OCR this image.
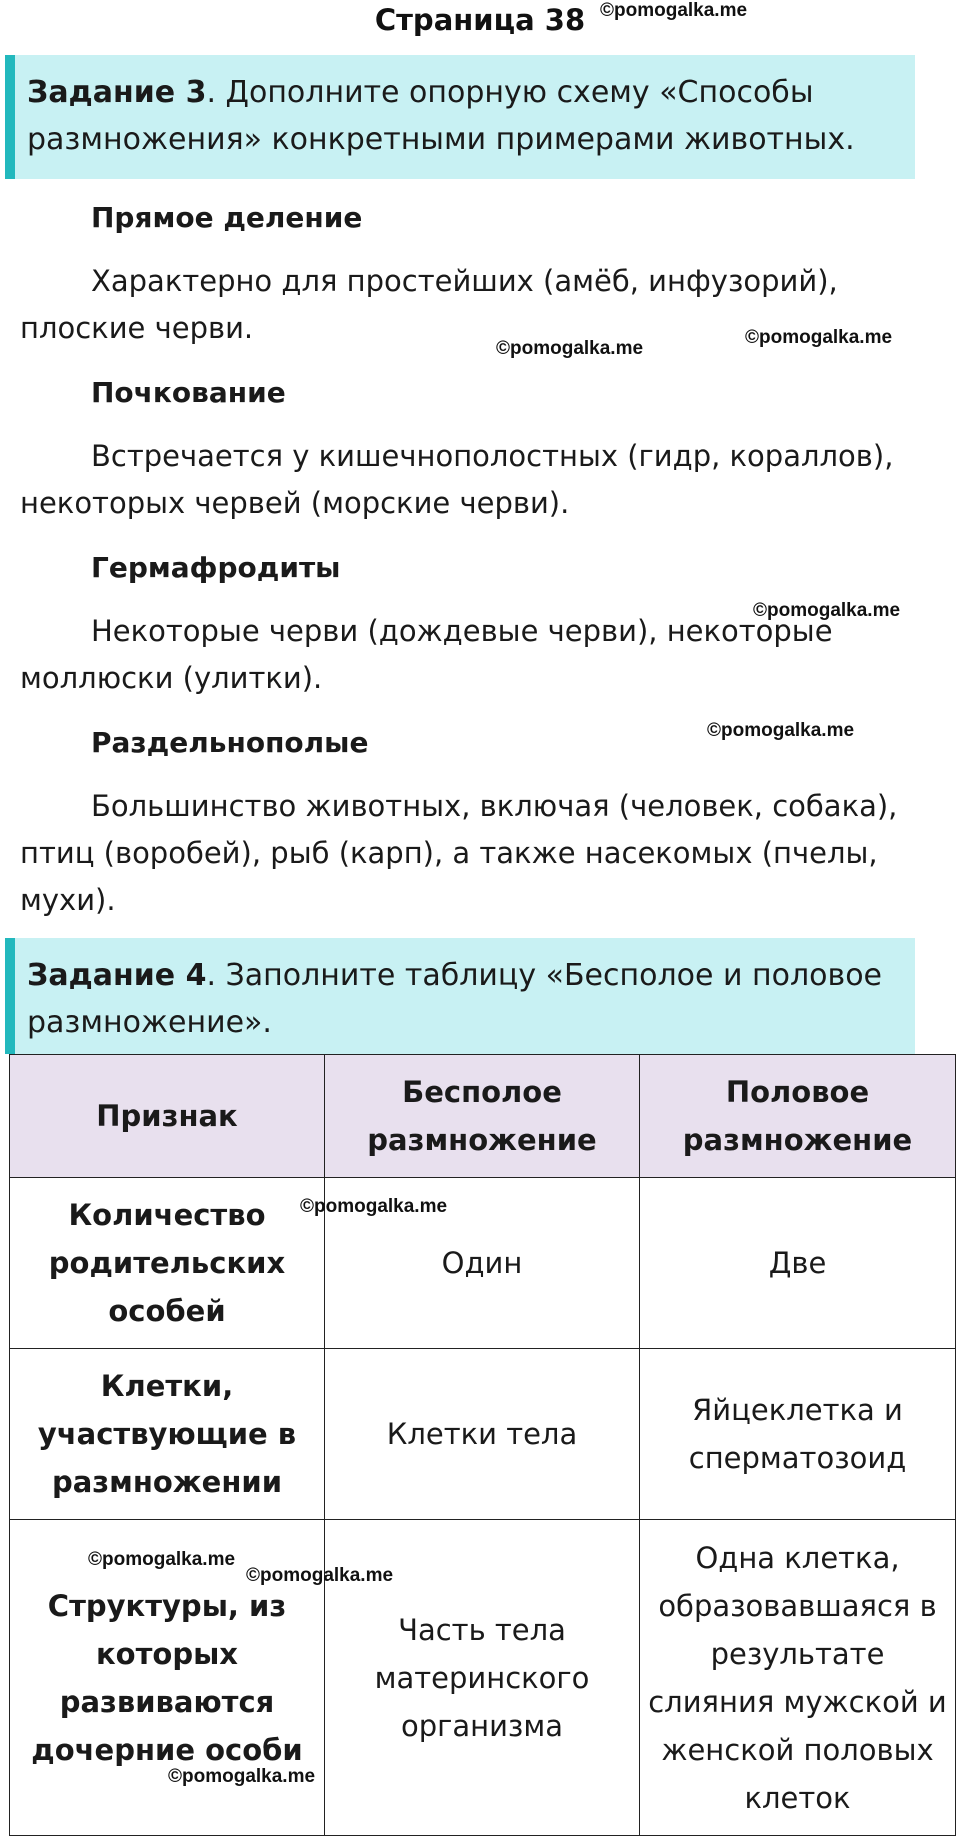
Страница 38 ©pomogalka.me
©pomogalka.me
©pomogalka.me
©pomogalka.me
©pomogalka.me
©pomogalka.me
©pomogalka.me
©pomogalka.me
©pomogalka.me
Задание 3. Дополните опорную схему «Способы размножения» конкретными примерами животных.
Прямое деление
Характерно для простейших (амёб, инфузорий), плоские черви.
Почкование
Встречается у кишечнополостных (гидр, кораллов), некоторых червей (морские черви).
Гермафродиты
Некоторые черви (дождевые черви), некоторые моллюски (улитки).
Раздельнополые
Большинство животных, включая (человек, собака), птиц (воробей), рыб (карп), а также насекомых (пчелы, мухи).
Задание 4. Заполните таблицу «Бесполое и половое размножение».
Признак	Бесполое размножение	Половое размножение
Количество родительских особей	Один	Две
Клетки, участвующие в размножении	Клетки тела	Яйцеклетка и сперматозоид
Структуры, из которых развиваются дочерние особи	Часть тела материнского организма	Одна клетка, образовавшаяся в результате слияния мужской и женской половых клеток
